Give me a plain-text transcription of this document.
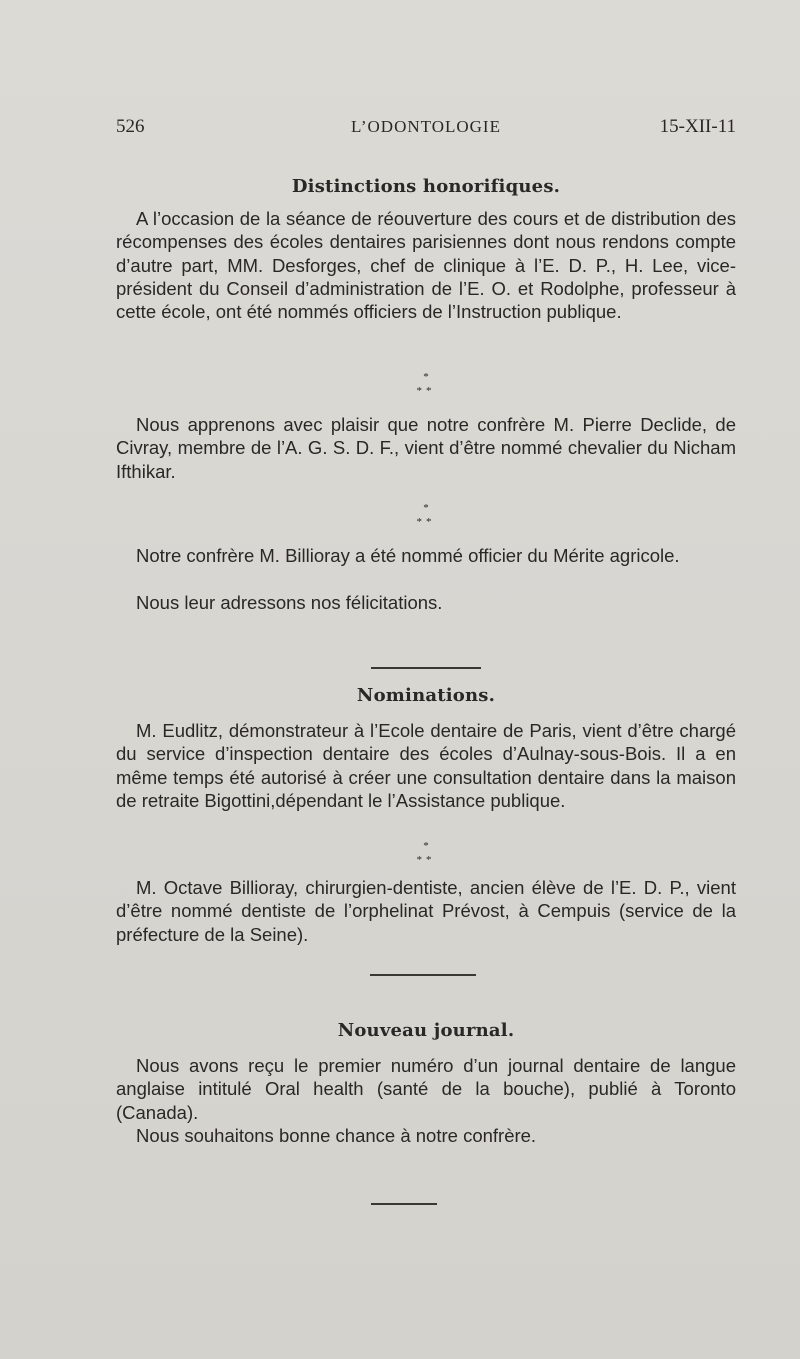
526	L’ODONTOLOGIE	15-XII-11
Distinctions honorifiques.

A l’occasion de la séance de réouverture des cours et de distribution des récompenses des écoles dentaires parisiennes dont nous rendons compte d’autre part, MM. Desforges, chef de clinique à l’E. D. P., H. Lee, vice-président du Conseil d’administration de l’E. O. et Rodolphe, professeur à cette école, ont été nommés officiers de l’Instruction publique.

*
**

Nous apprenons avec plaisir que notre confrère M. Pierre Declide, de Civray, membre de l’A. G. S. D. F., vient d’être nommé chevalier du Nicham Ifthikar.

*
**

Notre confrère M. Billioray a été nommé officier du Mérite agricole.

Nous leur adressons nos félicitations.

Nominations.

M. Eudlitz, démonstrateur à l’Ecole dentaire de Paris, vient d’être chargé du service d’inspection dentaire des écoles d’Aulnay-sous-Bois. Il a en même temps été autorisé à créer une consultation dentaire dans la maison de retraite Bigottini,dépendant le l’Assistance publique.

*
**

M. Octave Billioray, chirurgien-dentiste, ancien élève de l’E. D. P., vient d’être nommé dentiste de l’orphelinat Prévost, à Cempuis (service de la préfecture de la Seine).

Nouveau journal.

Nous avons reçu le premier numéro d’un journal dentaire de langue anglaise intitulé Oral health (santé de la bouche), publié à Toronto (Canada).

Nous souhaitons bonne chance à notre confrère.
